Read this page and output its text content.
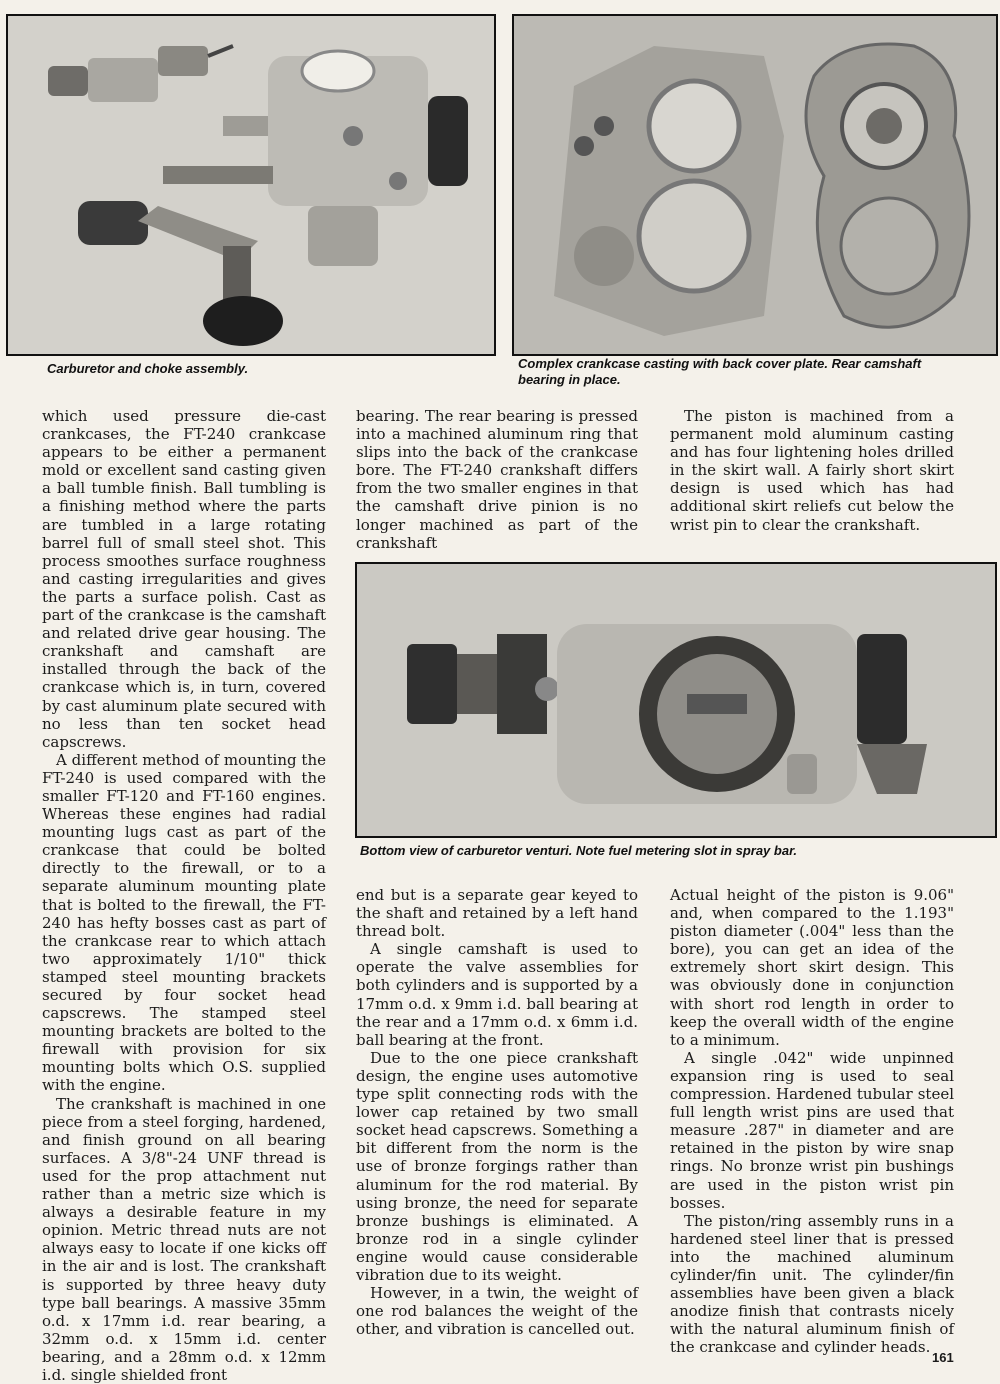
Carburetor and choke assembly.	Complex crankcase casting with back cover plate. Rear camshaft bearing in place.

which used pressure die-cast crankcases, the FT-240 crankcase appears to be either a permanent mold or excellent sand casting given a ball tumble finish. Ball tumbling is a finishing method where the parts are tumbled in a large rotating barrel full of small steel shot. This process smoothes surface roughness and casting irregularities and gives the parts a surface polish. Cast as part of the crankcase is the camshaft and related drive gear housing. The crankshaft and camshaft are installed through the back of the crankcase which is, in turn, covered by cast aluminum plate secured with no less than ten socket head capscrews.

A different method of mounting the FT-240 is used compared with the smaller FT-120 and FT-160 engines. Whereas these engines had radial mounting lugs cast as part of the crankcase that could be bolted directly to the firewall, or to a separate aluminum mounting plate that is bolted to the firewall, the FT-240 has hefty bosses cast as part of the crankcase rear to which attach two approximately 1/10" thick stamped steel mounting brackets secured by four socket head capscrews. The stamped steel mounting brackets are bolted to the firewall with provision for six mounting bolts which O.S. supplied with the engine.

The crankshaft is machined in one piece from a steel forging, hardened, and finish ground on all bearing surfaces. A 3/8"-24 UNF thread is used for the prop attachment nut rather than a metric size which is always a desirable feature in my opinion. Metric thread nuts are not always easy to locate if one kicks off in the air and is lost. The crankshaft is supported by three heavy duty type ball bearings. A massive 35mm o.d. x 17mm i.d. rear bearing, a 32mm o.d. x 15mm i.d. center bearing, and a 28mm o.d. x 12mm i.d. single shielded front

bearing. The rear bearing is pressed into a machined aluminum ring that slips into the back of the crankcase bore. The FT-240 crankshaft differs from the two smaller engines in that the camshaft drive pinion is no longer machined as part of the crankshaft

The piston is machined from a permanent mold aluminum casting and has four lightening holes drilled in the skirt wall. A fairly short skirt design is used which has had additional skirt reliefs cut below the wrist pin to clear the crankshaft.

Bottom view of carburetor venturi. Note fuel metering slot in spray bar.

end but is a separate gear keyed to the shaft and retained by a left hand thread bolt.

A single camshaft is used to operate the valve assemblies for both cylinders and is supported by a 17mm o.d. x 9mm i.d. ball bearing at the rear and a 17mm o.d. x 6mm i.d. ball bearing at the front.

Due to the one piece crankshaft design, the engine uses automotive type split connecting rods with the lower cap retained by two small socket head capscrews. Something a bit different from the norm is the use of bronze forgings rather than aluminum for the rod material. By using bronze, the need for separate bronze bushings is eliminated. A bronze rod in a single cylinder engine would cause considerable vibration due to its weight.

However, in a twin, the weight of one rod balances the weight of the other, and vibration is cancelled out.

Actual height of the piston is 9.06" and, when compared to the 1.193" piston diameter (.004" less than the bore), you can get an idea of the extremely short skirt design. This was obviously done in conjunction with short rod length in order to keep the overall width of the engine to a minimum.

A single .042" wide unpinned expansion ring is used to seal compression. Hardened tubular steel full length wrist pins are used that measure .287" in diameter and are retained in the piston by wire snap rings. No bronze wrist pin bushings are used in the piston wrist pin bosses.

The piston/ring assembly runs in a hardened steel liner that is pressed into the machined aluminum cylinder/fin unit. The cylinder/fin assemblies have been given a black anodize finish that contrasts nicely with the natural aluminum finish of the crankcase and cylinder heads.

161
